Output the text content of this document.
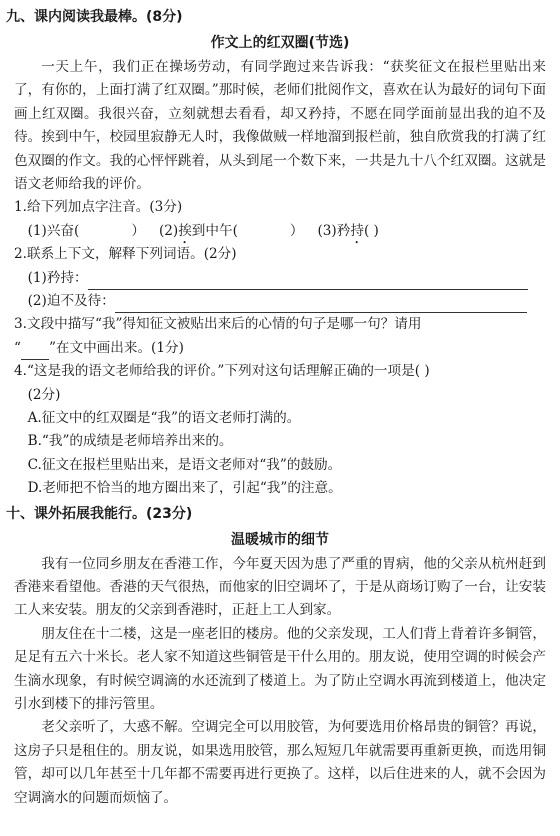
九、课内阅读我最棒。(8分)
作文上的红双圈(节选)

一天上午，我们正在操场劳动，有同学跑过来告诉我：“获奖征文在报栏里贴出来了，有你的，上面打满了红双圈。”那时候，老师们批阅作文，喜欢在认为最好的词句下面画上红双圈。我很兴奋，立刻就想去看看，却又矜持，不愿在同学面前显出我的迫不及待。挨到中午，校园里寂静无人时，我像做贼一样地溜到报栏前，独自欣赏我的打满了红色双圈的作文。我的心怦怦跳着，从头到尾一个数下来，一共是九十八个红双圈。这就是语文老师给我的评价。

1.给下列加点字注音。(3分)
(1)兴奋(	） (2)挨到中午(	） (3)矜持( )
2.联系上下文，解释下列词语。(2分)
(1)矜持：
(2)迫不及待：
3.文段中描写“我”得知征文被贴出来后的心情的句子是哪一句？请用
“ ”在文中画出来。(1分)
4.“这是我的语文老师给我的评价。”下列对这句话理解正确的一项是( )
(2分)
A.征文中的红双圈是“我”的语文老师打满的。
B.“我”的成绩是老师培养出来的。
C.征文在报栏里贴出来，是语文老师对“我”的鼓励。
D.老师把不恰当的地方圈出来了，引起“我”的注意。
十、课外拓展我能行。(23分)
温暖城市的细节

我有一位同乡朋友在香港工作，今年夏天因为患了严重的胃病，他的父亲从杭州赶到香港来看望他。香港的天气很热，而他家的旧空调坏了，于是从商场订购了一台，让安装工人来安装。朋友的父亲到香港时，正赶上工人到家。

朋友住在十二楼，这是一座老旧的楼房。他的父亲发现，工人们背上背着许多铜管，足足有五六十米长。老人家不知道这些铜管是干什么用的。朋友说，使用空调的时候会产生滴水现象，有时候空调滴的水还流到了楼道上。为了防止空调水再流到楼道上，他决定引水到楼下的排污管里。

老父亲听了，大惑不解。空调完全可以用胶管，为何要选用价格昂贵的铜管？再说，这房子只是租住的。朋友说，如果选用胶管，那么短短几年就需要再重新更换，而选用铜管，却可以几年甚至十几年都不需要再进行更换了。这样，以后住进来的人，就不会因为空调滴水的问题而烦恼了。
